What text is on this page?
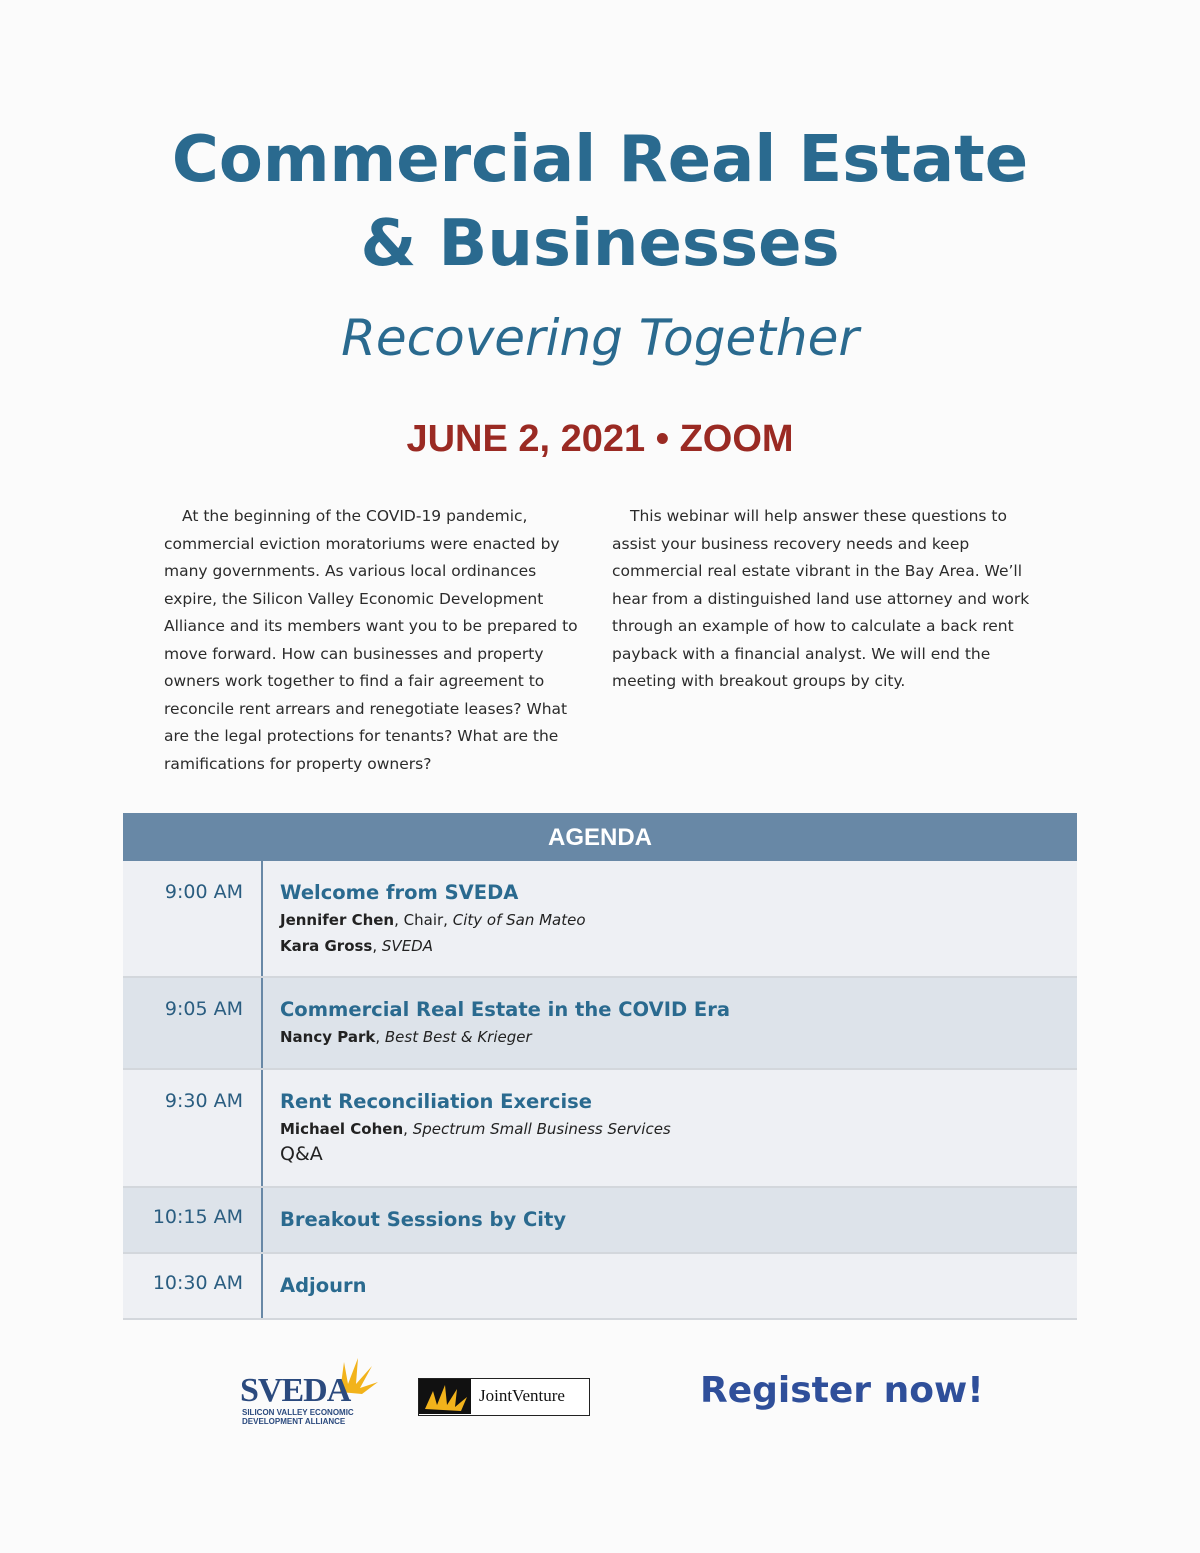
Commercial Real Estate
& Businesses
Recovering Together
JUNE 2, 2021 • ZOOM

At the beginning of the COVID-19 pandemic, commercial eviction moratoriums were enacted by many governments. As various local ordinances expire, the Silicon Valley Economic Development Alliance and its members want you to be prepared to move forward. How can businesses and property owners work together to find a fair agreement to reconcile rent arrears and renegotiate leases? What are the legal protections for tenants? What are the ramifications for property owners?

This webinar will help answer these questions to assist your business recovery needs and keep commercial real estate vibrant in the Bay Area. We’ll hear from a distinguished land use attorney and work through an example of how to calculate a back rent payback with a financial analyst. We will end the meeting with breakout groups by city.

AGENDA
9:00 AM	Welcome from SVEDA
Jennifer Chen, Chair, City of San Mateo
Kara Gross, SVEDA
9:05 AM	Commercial Real Estate in the COVID Era
Nancy Park, Best Best & Krieger
9:30 AM	Rent Reconciliation Exercise
Michael Cohen, Spectrum Small Business Services
Q&A
10:15 AM	Breakout Sessions by City
10:30 AM	Adjourn
SVEDA
SILICON VALLEY ECONOMIC DEVELOPMENT ALLIANCE
JointVenture	Register now!
